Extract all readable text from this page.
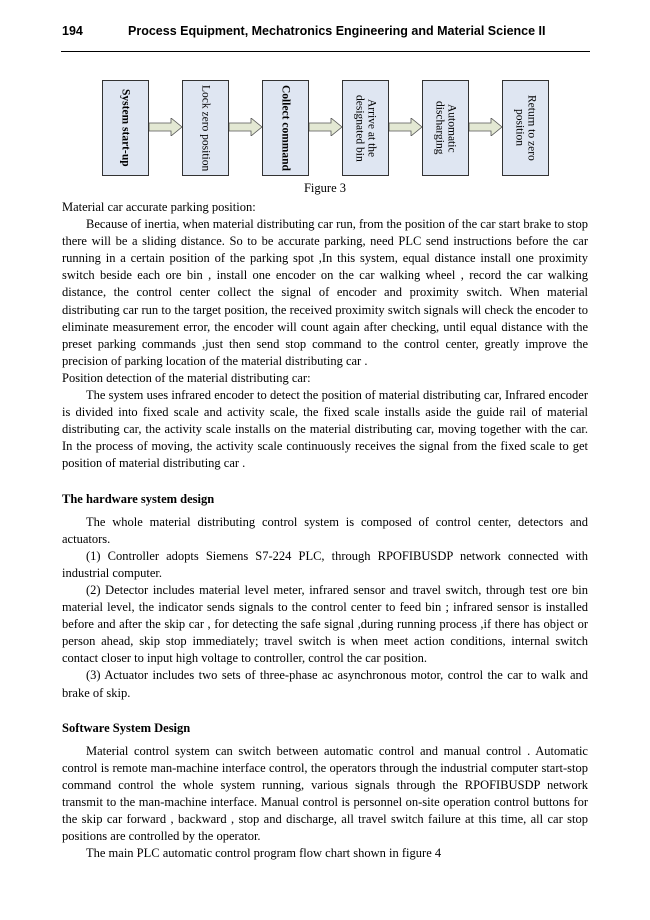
194	Process Equipment, Mechatronics Engineering and Material Science II
System start-up	Lock zero position	Collect command	Arrive at the
designated bin
Automatic
discharging	Return to zero
position
Figure 3

Material car accurate parking position:

Because of inertia, when material distributing car run, from the position of the car start brake to stop there will be a sliding distance. So to be accurate parking, need PLC send instructions before the car running in a certain position of the parking spot ,In this system, equal distance install one proximity switch beside each ore bin , install one encoder on the car walking wheel , record the car walking distance, the control center collect the signal of encoder and proximity switch. When material distributing car run to the target position, the received proximity switch signals will check the encoder to eliminate measurement error, the encoder will count again after checking, until equal distance with the preset parking commands ,just then send stop command to the control center, greatly improve the precision of parking location of the material distributing car .

Position detection of the material distributing car:

The system uses infrared encoder to detect the position of material distributing car, Infrared encoder is divided into fixed scale and activity scale, the fixed scale installs aside the guide rail of material distributing car, the activity scale installs on the material distributing car, moving together with the car. In the process of moving, the activity scale continuously receives the signal from the fixed scale to get position of material distributing car .

The hardware system design

The whole material distributing control system is composed of control center, detectors and actuators.

(1) Controller adopts Siemens S7-224 PLC, through RPOFIBUSDP network connected with industrial computer.

(2) Detector includes material level meter, infrared sensor and travel switch, through test ore bin material level, the indicator sends signals to the control center to feed bin ; infrared sensor is installed before and after the skip car , for detecting the safe signal ,during running process ,if there has object or person ahead, skip stop immediately; travel switch is when meet action conditions, internal switch contact closer to input high voltage to controller, control the car position.

(3) Actuator includes two sets of three-phase ac asynchronous motor, control the car to walk and brake of skip.

Software System Design

Material control system can switch between automatic control and manual control . Automatic control is remote man-machine interface control, the operators through the industrial computer start-stop command control the whole system running, various signals through the RPOFIBUSDP network transmit to the man-machine interface. Manual control is personnel on-site operation control buttons for the skip car forward , backward , stop and discharge, all travel switch failure at this time, all car stop positions are controlled by the operator.

The main PLC automatic control program flow chart shown in figure 4
